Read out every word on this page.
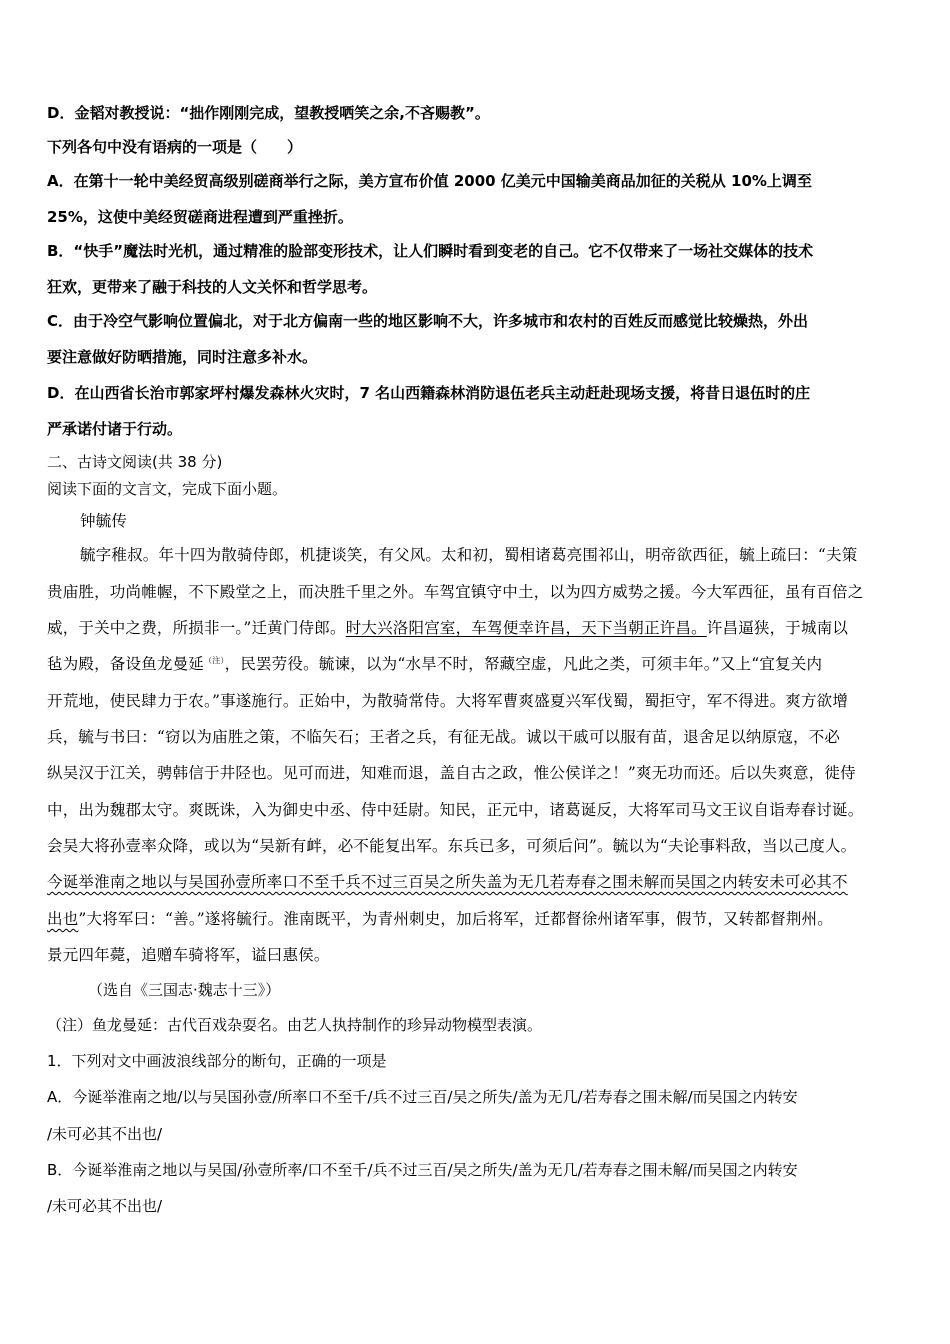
D．金韬对教授说：“拙作刚刚完成，望教授哂笑之余,不吝赐教”。

下列各句中没有语病的一项是（　　）

A．在第十一轮中美经贸高级别磋商举行之际，美方宣布价值 2000 亿美元中国输美商品加征的关税从 10%上调至

25%，这使中美经贸磋商进程遭到严重挫折。

B．“快手”魔法时光机，通过精准的脸部变形技术，让人们瞬时看到变老的自己。它不仅带来了一场社交媒体的技术

狂欢，更带来了融于科技的人文关怀和哲学思考。

C．由于冷空气影响位置偏北，对于北方偏南一些的地区影响不大，许多城市和农村的百姓反而感觉比较燥热，外出

要注意做好防晒措施，同时注意多补水。

D．在山西省长治市郭家坪村爆发森林火灾时，7 名山西籍森林消防退伍老兵主动赶赴现场支援，将昔日退伍时的庄

严承诺付诸于行动。

二、古诗文阅读(共 38 分)

阅读下面的文言文，完成下面小题。

钟毓传

毓字稚叔。年十四为散骑侍郎，机捷谈笑，有父风。太和初，蜀相诸葛亮围祁山，明帝欲西征，毓上疏曰：“夫策

贵庙胜，功尚帷幄，不下殿堂之上，而决胜千里之外。车驾宜镇守中土，以为四方威势之援。今大军西征，虽有百倍之

威，于关中之费，所损非一。”迁黄门侍郎。时大兴洛阳宫室，车驾便幸许昌，天下当朝正许昌。许昌逼狭，于城南以

毡为殿，备设鱼龙曼延$^{(注)}$，民罢劳役。毓谏，以为“水旱不时，帑藏空虚，凡此之类，可须丰年。”又上“宜复关内

开荒地，使民肆力于农。”事遂施行。正始中，为散骑常侍。大将军曹爽盛夏兴军伐蜀，蜀拒守，军不得进。爽方欲增

兵，毓与书曰：“窃以为庙胜之策，不临矢石；王者之兵，有征无战。诚以干戚可以服有苗，退舍足以纳原寇，不必

纵吴汉于江关，骋韩信于井陉也。见可而进，知难而退，盖自古之政，惟公侯详之！”爽无功而还。后以失爽意，徙侍

中，出为魏郡太守。爽既诛，入为御史中丞、侍中廷尉。知民，正元中，诸葛诞反，大将军司马文王议自诣寿春讨诞。

会吴大将孙壹率众降，或以为“吴新有衅，必不能复出军。东兵已多，可须后问”。毓以为“夫论事料敌，当以己度人。

今诞举淮南之地以与吴国孙壹所率口不至千兵不过三百吴之所失盖为无几若寿春之围未解而吴国之内转安未可必其不

出也”大将军曰：“善。”遂将毓行。淮南既平，为青州刺史，加后将军，迁都督徐州诸军事，假节，又转都督荆州。

景元四年薨，追赠车骑将军，谥曰惠侯。

（选自《三国志·魏志十三》）

（注）鱼龙曼延：古代百戏杂耍名。由艺人执持制作的珍异动物模型表演。

1．下列对文中画波浪线部分的断句，正确的一项是

A．今诞举淮南之地/以与吴国孙壹/所率口不至千/兵不过三百/吴之所失/盖为无几/若寿春之围未解/而吴国之内转安

/未可必其不出也/

B．今诞举淮南之地以与吴国/孙壹所率/口不至千/兵不过三百/吴之所失/盖为无几/若寿春之围未解/而吴国之内转安

/未可必其不出也/
